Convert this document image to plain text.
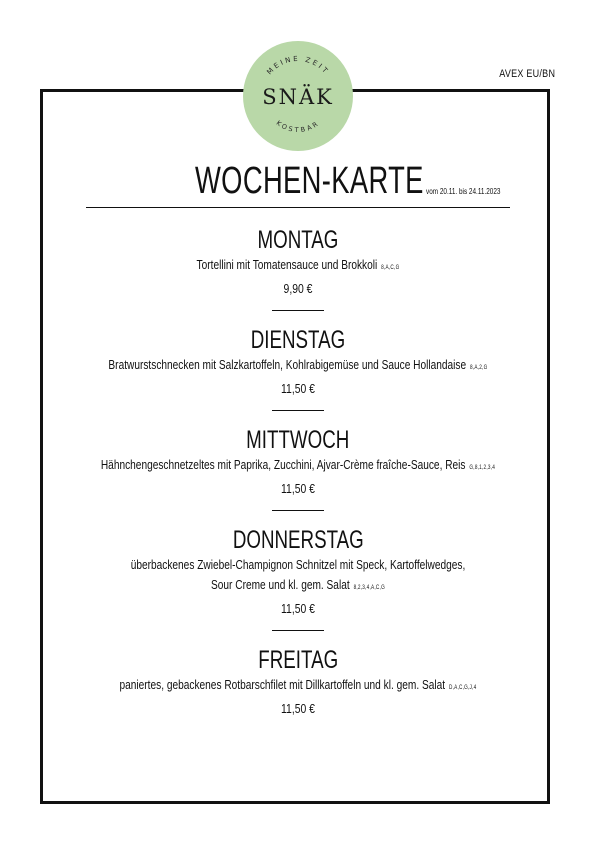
MEINE ZEIT
KOSTBAR
SNÄK
AVEX EU/BN
WOCHEN-KARTE vom 20.11. bis 24.11.2023
MONTAG
Tortellini mit Tomatensauce und Brokkoli 8,A,C,G
9,90 €
DIENSTAG
Bratwurstschnecken mit Salzkartoffeln, Kohlrabigemüse und Sauce Hollandaise 8,A,2,G
11,50 €
MITTWOCH
Hähnchengeschnetzeltes mit Paprika, Zucchini, Ajvar-Crème fraîche-Sauce, Reis G,8,1,2,3,4
11,50 €
DONNERSTAG
überbackenes Zwiebel-Champignon Schnitzel mit Speck, Kartoffelwedges,
Sour Creme und kl. gem. Salat 8,2,3,4,A,C,G
11,50 €
FREITAG
paniertes, gebackenes Rotbarschfilet mit Dillkartoffeln und kl. gem. Salat D,A,C,G,J,4
11,50 €
